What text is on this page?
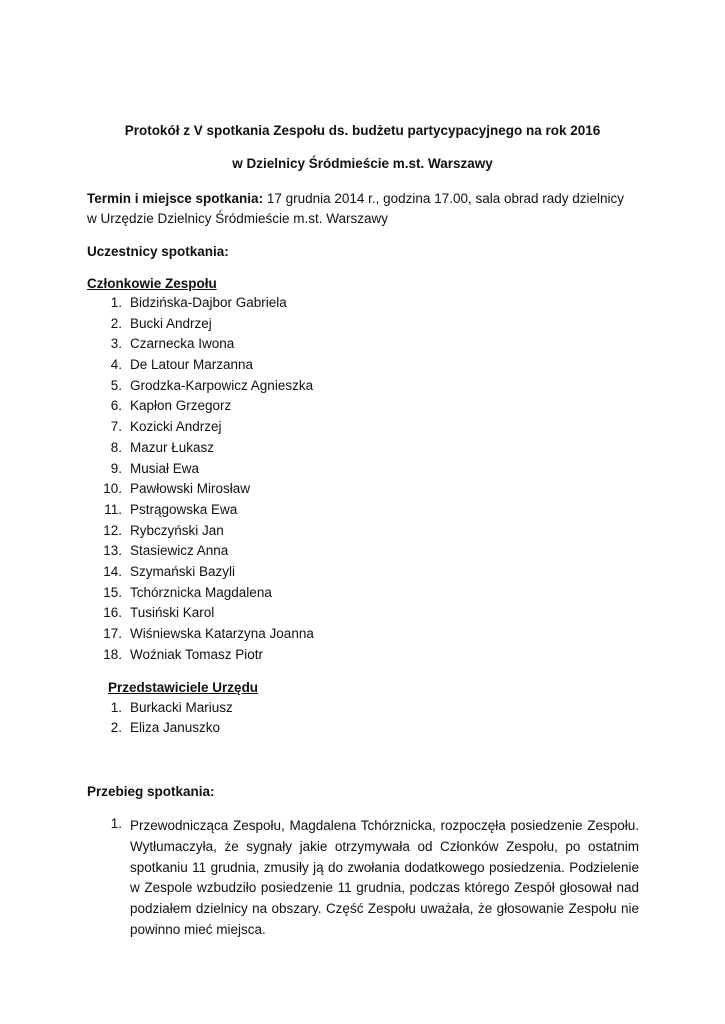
Protokół z V spotkania Zespołu ds. budżetu partycypacyjnego na rok 2016
w Dzielnicy Śródmieście m.st. Warszawy
Termin i miejsce spotkania: 17 grudnia 2014 r., godzina 17.00, sala obrad rady dzielnicy
w Urzędzie Dzielnicy Śródmieście m.st. Warszawy
Uczestnicy spotkania:
Członkowie Zespołu
1. Bidzińska-Dajbor Gabriela
2. Bucki Andrzej
3. Czarnecka Iwona
4. De Latour Marzanna
5. Grodzka-Karpowicz Agnieszka
6. Kapłon Grzegorz
7. Kozicki Andrzej
8. Mazur Łukasz
9. Musiał Ewa
10. Pawłowski Mirosław
11. Pstrągowska Ewa
12. Rybczyński Jan
13. Stasiewicz Anna
14. Szymański Bazyli
15. Tchórznicka Magdalena
16. Tusiński Karol
17. Wiśniewska Katarzyna Joanna
18. Woźniak Tomasz Piotr
Przedstawiciele Urzędu
1. Burkacki Mariusz
2. Eliza Januszko
Przebieg spotkania:
1. Przewodnicząca Zespołu, Magdalena Tchórznicka, rozpoczęła posiedzenie Zespołu. Wytłumaczyła, że sygnały jakie otrzymywała od Członków Zespołu, po ostatnim spotkaniu 11 grudnia, zmusiły ją do zwołania dodatkowego posiedzenia. Podzielenie w Zespole wzbudziło posiedzenie 11 grudnia, podczas którego Zespół głosował nad podziałem dzielnicy na obszary. Część Zespołu uważała, że głosowanie Zespołu nie powinno mieć miejsca.
